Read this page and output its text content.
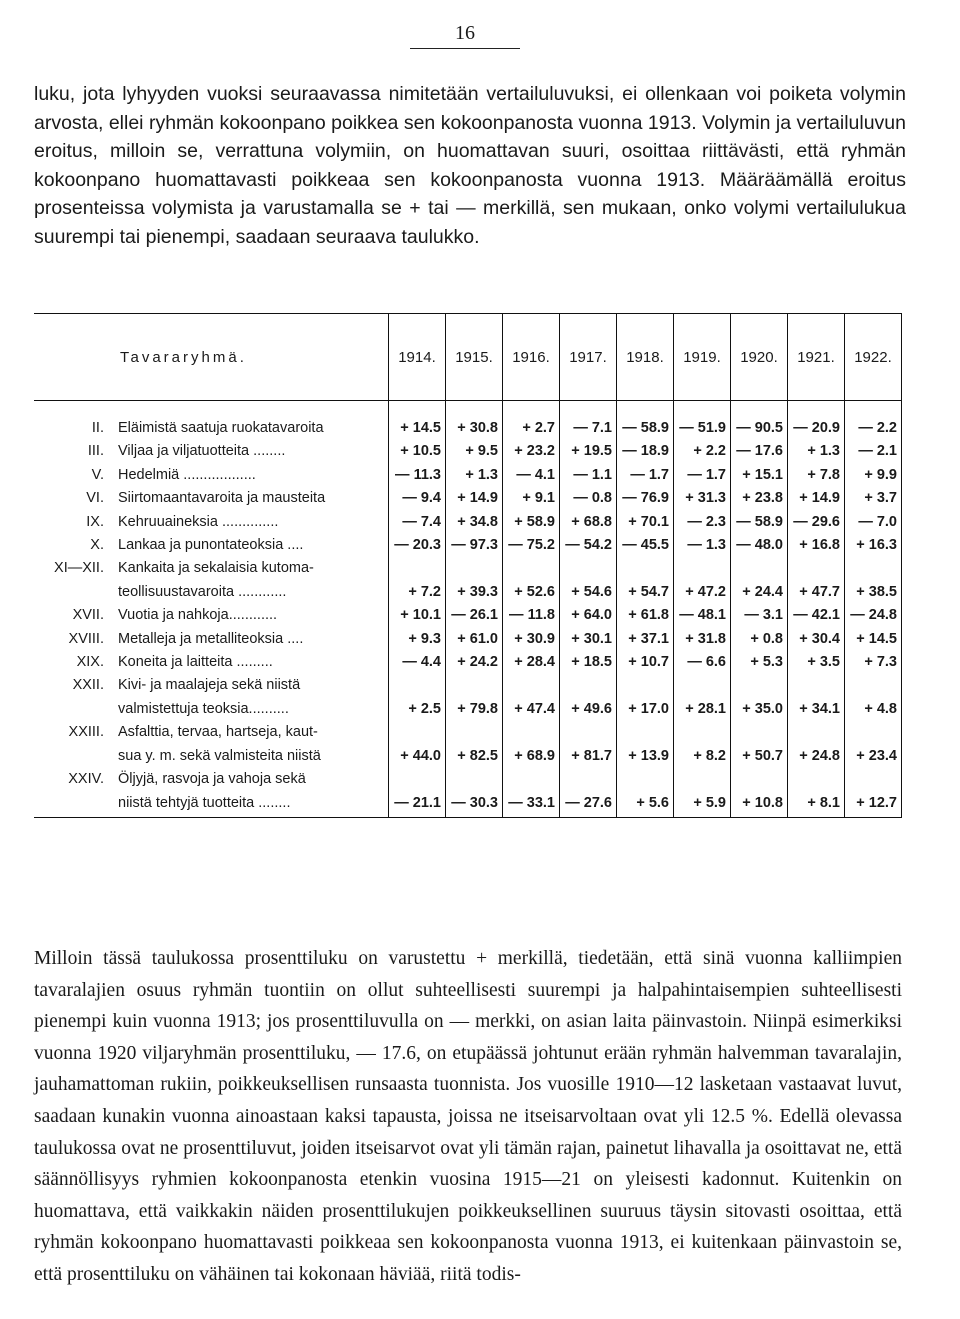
16

luku, jota lyhyyden vuoksi seuraavassa nimitetään vertailuluvuksi, ei ollenkaan voi poiketa volymin arvosta, ellei ryhmän kokoonpano poikkea sen kokoonpanosta vuonna 1913. Volymin ja vertailuluvun eroitus, milloin se, verrattuna volymiin, on huomattavan suuri, osoittaa riittävästi, että ryhmän kokoonpano huomattavasti poikkeaa sen kokoonpanosta vuonna 1913. Määräämällä eroitus prosenteissa volymista ja varustamalla se + tai — merkillä, sen mukaan, onko volymi vertailulukua suurempi tai pienempi, saadaan seuraava taulukko.

Tavararyhmä.		1914.	1915.	1916.	1917.	1918.	1919.	1920.	1921.	1922.
II.	Eläimistä saatuja ruokatavaroita	+ 14.5	+ 30.8	+ 2.7	— 7.1	— 58.9	— 51.9	— 90.5	— 20.9	— 2.2
III.	Viljaa ja viljatuotteita ........	+ 10.5	+ 9.5	+ 23.2	+ 19.5	— 18.9	+ 2.2	— 17.6	+ 1.3	— 2.1
V.	Hedelmiä ..................	— 11.3	+ 1.3	— 4.1	— 1.1	— 1.7	— 1.7	+ 15.1	+ 7.8	+ 9.9
VI.	Siirtomaantavaroita ja mausteita	— 9.4	+ 14.9	+ 9.1	— 0.8	— 76.9	+ 31.3	+ 23.8	+ 14.9	+ 3.7
IX.	Kehruuaineksia ..............	— 7.4	+ 34.8	+ 58.9	+ 68.8	+ 70.1	— 2.3	— 58.9	— 29.6	— 7.0
X.	Lankaa ja punontateoksia ....	— 20.3	— 97.3	— 75.2	— 54.2	— 45.5	— 1.3	— 48.0	+ 16.8	+ 16.3
XI—XII.	Kankaita ja sekalaisia kutoma-									
	teollisuustavaroita ............	+ 7.2	+ 39.3	+ 52.6	+ 54.6	+ 54.7	+ 47.2	+ 24.4	+ 47.7	+ 38.5
XVII.	Vuotia ja nahkoja............	+ 10.1	— 26.1	— 11.8	+ 64.0	+ 61.8	— 48.1	— 3.1	— 42.1	— 24.8
XVIII.	Metalleja ja metalliteoksia ....	+ 9.3	+ 61.0	+ 30.9	+ 30.1	+ 37.1	+ 31.8	+ 0.8	+ 30.4	+ 14.5
XIX.	Koneita ja laitteita .........	— 4.4	+ 24.2	+ 28.4	+ 18.5	+ 10.7	— 6.6	+ 5.3	+ 3.5	+ 7.3
XXII.	Kivi- ja maalajeja sekä niistä									
	valmistettuja teoksia..........	+ 2.5	+ 79.8	+ 47.4	+ 49.6	+ 17.0	+ 28.1	+ 35.0	+ 34.1	+ 4.8
XXIII.	Asfalttia, tervaa, hartseja, kaut-									
	sua y. m. sekä valmisteita niistä	+ 44.0	+ 82.5	+ 68.9	+ 81.7	+ 13.9	+ 8.2	+ 50.7	+ 24.8	+ 23.4
XXIV.	Öljyjä, rasvoja ja vahoja sekä									
	niistä tehtyjä tuotteita ........	— 21.1	— 30.3	— 33.1	— 27.6	+ 5.6	+ 5.9	+ 10.8	+ 8.1	+ 12.7

Milloin tässä taulukossa prosenttiluku on varustettu + merkillä, tiedetään, että sinä vuonna kalliimpien tavaralajien osuus ryhmän tuontiin on ollut suhteellisesti suurempi ja halpahintaisempien suhteellisesti pienempi kuin vuonna 1913; jos prosenttiluvulla on — merkki, on asian laita päinvastoin. Niinpä esimerkiksi vuonna 1920 viljaryhmän prosenttiluku, — 17.6, on etupäässä johtunut erään ryhmän halvemman tavaralajin, jauhamattoman rukiin, poikkeuksellisen runsaasta tuonnista. Jos vuosille 1910—12 lasketaan vastaavat luvut, saadaan kunakin vuonna ainoastaan kaksi tapausta, joissa ne itseisarvoltaan ovat yli 12.5 %. Edellä olevassa taulukossa ovat ne prosenttiluvut, joiden itseisarvot ovat yli tämän rajan, painetut lihavalla ja osoittavat ne, että säännöllisyys ryhmien kokoonpanosta etenkin vuosina 1915—21 on yleisesti kadonnut. Kuitenkin on huomattava, että vaikkakin näiden prosenttilukujen poikkeuksellinen suuruus täysin sitovasti osoittaa, että ryhmän kokoonpano huomattavasti poikkeaa sen kokoonpanosta vuonna 1913, ei kuitenkaan päinvastoin se, että prosenttiluku on vähäinen tai kokonaan häviää, riitä todis-
